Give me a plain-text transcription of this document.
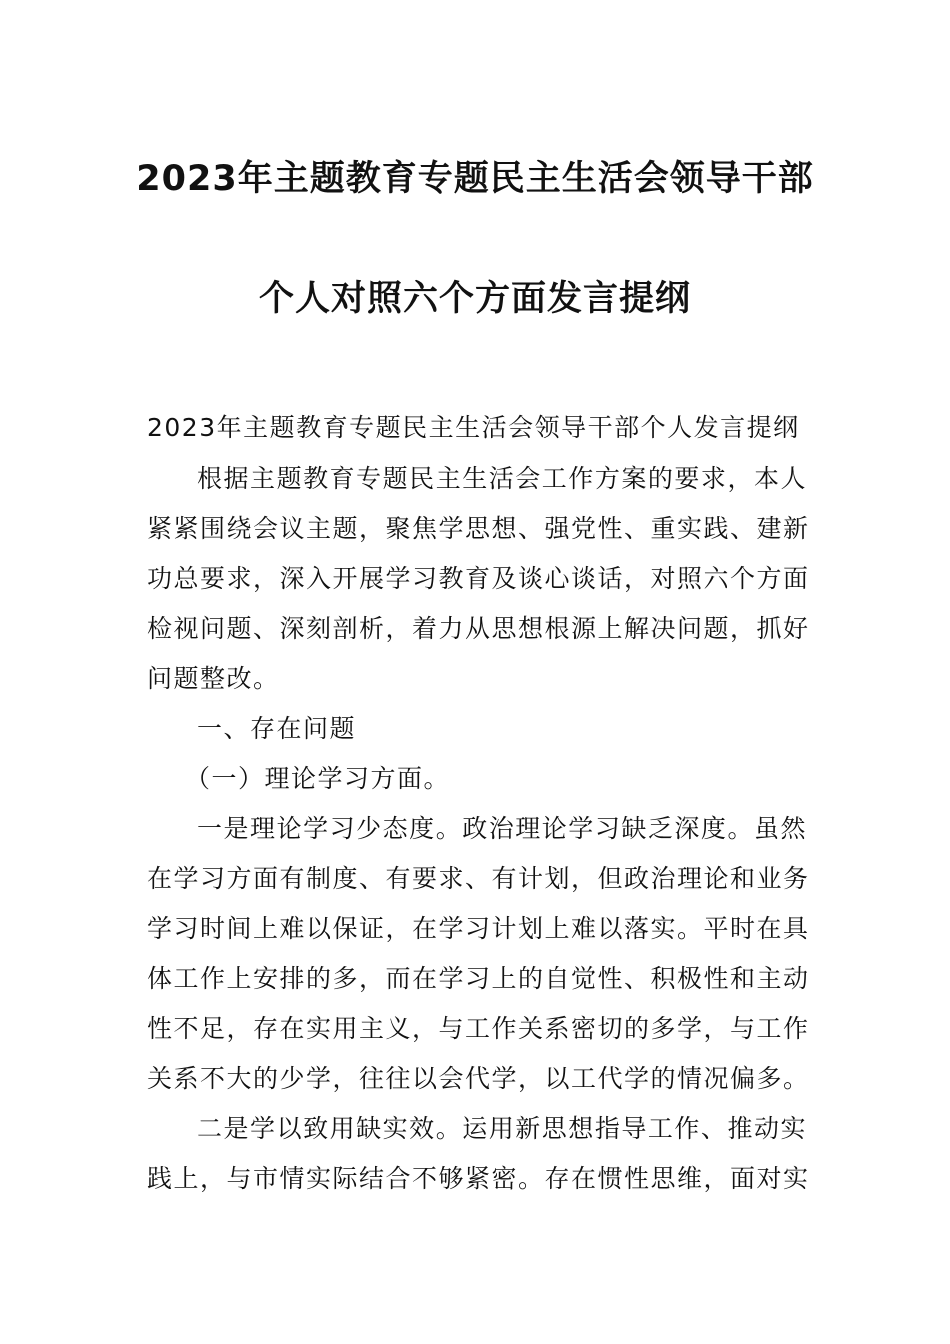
2023年主题教育专题民主生活会领导干部
个人对照六个方面发言提纲
2023年主题教育专题民主生活会领导干部个人发言提纲
根据主题教育专题民主生活会工作方案的要求，本人
紧紧围绕会议主题，聚焦学思想、强党性、重实践、建新
功总要求，深入开展学习教育及谈心谈话，对照六个方面
检视问题、深刻剖析，着力从思想根源上解决问题，抓好
问题整改。
一、存在问题
（一）理论学习方面。
一是理论学习少态度。政治理论学习缺乏深度。虽然
在学习方面有制度、有要求、有计划，但政治理论和业务
学习时间上难以保证，在学习计划上难以落实。平时在具
体工作上安排的多，而在学习上的自觉性、积极性和主动
性不足，存在实用主义，与工作关系密切的多学，与工作
关系不大的少学，往往以会代学，以工代学的情况偏多。
二是学以致用缺实效。运用新思想指导工作、推动实
践上，与市情实际结合不够紧密。存在惯性思维，面对实
